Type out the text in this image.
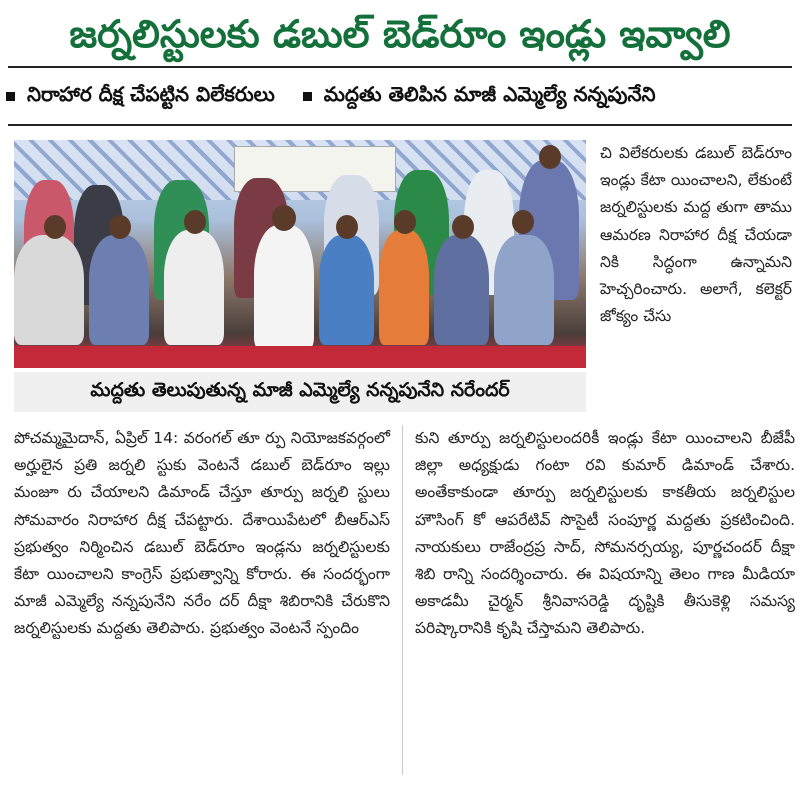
జర్నలిస్టులకు డబుల్ బెడ్‌రూం ఇండ్లు ఇవ్వాలి
నిరాహార దీక్ష చేపట్టిన విలేకరులు మద్దతు తెలిపిన మాజీ ఎమ్మెల్యే నన్నపునేని
మద్దతు తెలుపుతున్న మాజీ ఎమ్మెల్యే నన్నపునేని నరేందర్

చి విలేకరులకు డబుల్ బెడ్‌రూం ఇండ్లు కేటా యించాలని, లేకుంటే జర్నలిస్టులకు మద్ద తుగా తాము ఆమరణ నిరాహార దీక్ష చేయడా నికి సిద్ధంగా ఉన్నామని హెచ్చరించారు. అలాగే, కలెక్టర్ జోక్యం చేసు

పోచమ్మమైదాన్, ఏప్రిల్ 14: వరంగల్ తూ ర్పు నియోజకవర్గంలో అర్హులైన ప్రతి జర్నలి స్టుకు వెంటనే డబుల్ బెడ్‌రూం ఇల్లు మంజూ రు చేయాలని డిమాండ్ చేస్తూ తూర్పు జర్నలి స్టులు సోమవారం నిరాహార దీక్ష చేపట్టారు. దేశాయిపేటలో బీఆర్ఎస్ ప్రభుత్వం నిర్మించిన డబుల్ బెడ్‌రూం ఇండ్లను జర్నలిస్టులకు కేటా యించాలని కాంగ్రెస్ ప్రభుత్వాన్ని కోరారు. ఈ సందర్భంగా మాజీ ఎమ్మెల్యే నన్నపునేని నరేం దర్ దీక్షా శిబిరానికి చేరుకొని జర్నలిస్టులకు మద్దతు తెలిపారు. ప్రభుత్వం వెంటనే స్పందిం

కుని తూర్పు జర్నలిస్టులందరికీ ఇండ్లు కేటా యించాలని బీజేపీ జిల్లా అధ్యక్షుడు గంటా రవి కుమార్ డిమాండ్ చేశారు. అంతేకాకుండా తూర్పు జర్నలిస్టులకు కాకతీయ జర్నలిస్టుల హౌసింగ్ కో ఆపరేటివ్ సొసైటీ సంపూర్ణ మద్దతు ప్రకటించింది. నాయకులు రాజేంద్రప్ర సాద్, సోమనర్సయ్య, పూర్ణచందర్ దీక్షా శిబి రాన్ని సందర్శించారు. ఈ విషయాన్ని తెలం గాణ మీడియా అకాడమీ చైర్మన్ శ్రీనివాసరెడ్డి దృష్టికి తీసుకెళ్లి సమస్య పరిష్కారానికి కృషి చేస్తామని తెలిపారు.
